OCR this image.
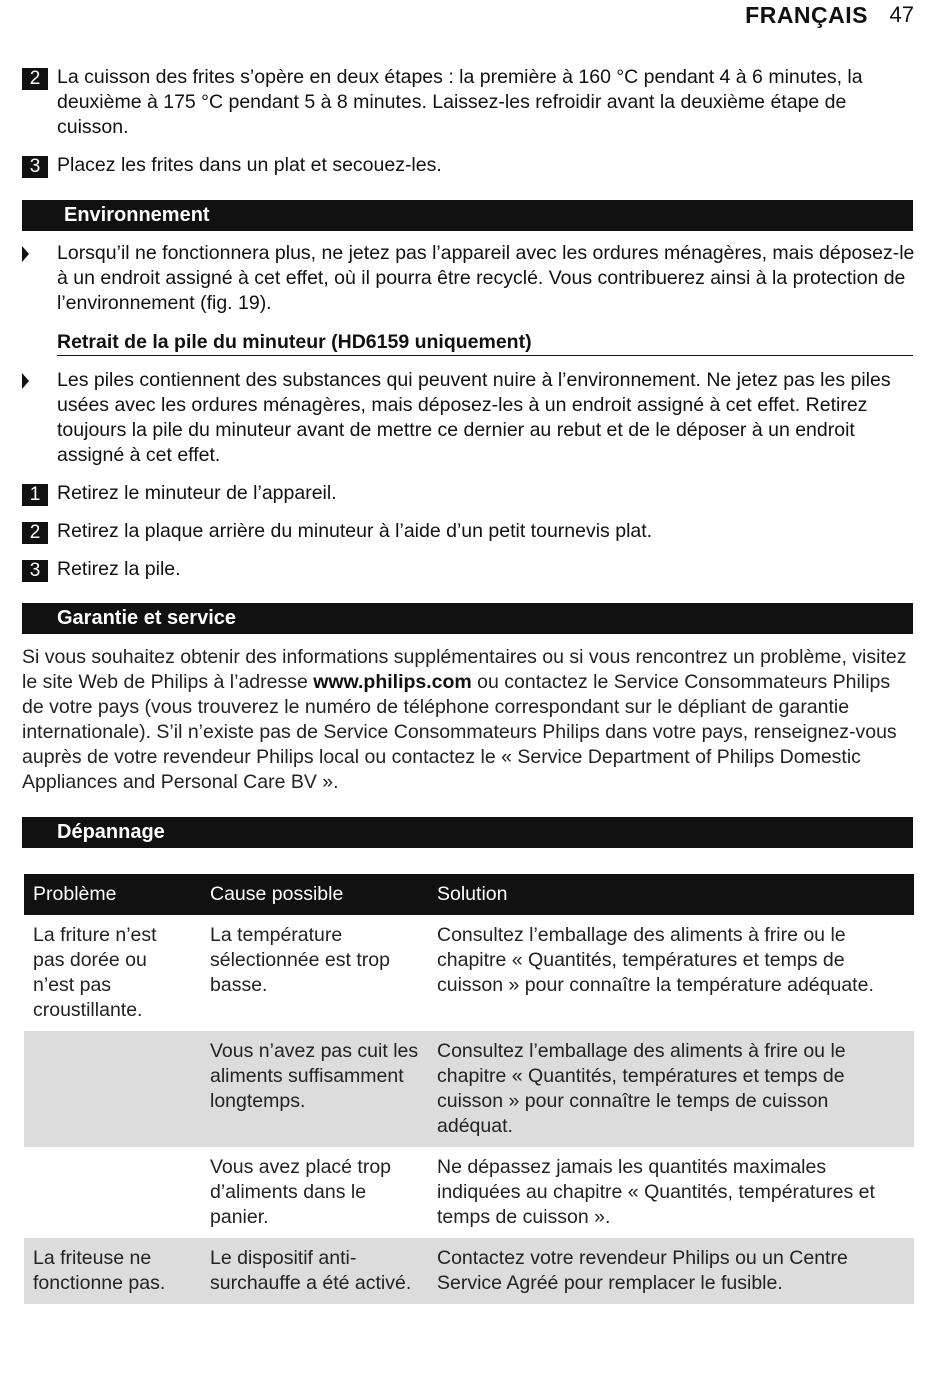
FRANÇAIS 47
2 La cuisson des frites s’opère en deux étapes : la première à 160 °C pendant 4 à 6 minutes, la deuxième à 175 °C pendant 5 à 8 minutes. Laissez-les refroidir avant la deuxième étape de cuisson.
3 Placez les frites dans un plat et secouez-les.
Environnement
Lorsqu’il ne fonctionnera plus, ne jetez pas l’appareil avec les ordures ménagères, mais déposez-le à un endroit assigné à cet effet, où il pourra être recyclé. Vous contribuerez ainsi à la protection de l’environnement (fig. 19).
Retrait de la pile du minuteur (HD6159 uniquement)
Les piles contiennent des substances qui peuvent nuire à l’environnement. Ne jetez pas les piles usées avec les ordures ménagères, mais déposez-les à un endroit assigné à cet effet. Retirez toujours la pile du minuteur avant de mettre ce dernier au rebut et de le déposer à un endroit assigné à cet effet.
1 Retirez le minuteur de l’appareil.
2 Retirez la plaque arrière du minuteur à l’aide d’un petit tournevis plat.
3 Retirez la pile.
Garantie et service
Si vous souhaitez obtenir des informations supplémentaires ou si vous rencontrez un problème, visitez le site Web de Philips à l’adresse www.philips.com ou contactez le Service Consommateurs Philips de votre pays (vous trouverez le numéro de téléphone correspondant sur le dépliant de garantie internationale). S’il n’existe pas de Service Consommateurs Philips dans votre pays, renseignez-vous auprès de votre revendeur Philips local ou contactez le « Service Department of Philips Domestic Appliances and Personal Care BV ».
Dépannage
Problème	Cause possible	Solution
La friture n’est pas dorée ou n’est pas croustillante.	La température sélectionnée est trop basse.	Consultez l’emballage des aliments à frire ou le chapitre « Quantités, températures et temps de cuisson » pour connaître la température adéquate.
	Vous n’avez pas cuit les aliments suffisamment longtemps.	Consultez l’emballage des aliments à frire ou le chapitre « Quantités, températures et temps de cuisson » pour connaître le temps de cuisson adéquat.
	Vous avez placé trop d’aliments dans le panier.	Ne dépassez jamais les quantités maximales indiquées au chapitre « Quantités, températures et temps de cuisson ».
La friteuse ne fonctionne pas.	Le dispositif anti-surchauffe a été activé.	Contactez votre revendeur Philips ou un Centre Service Agréé pour remplacer le fusible.
